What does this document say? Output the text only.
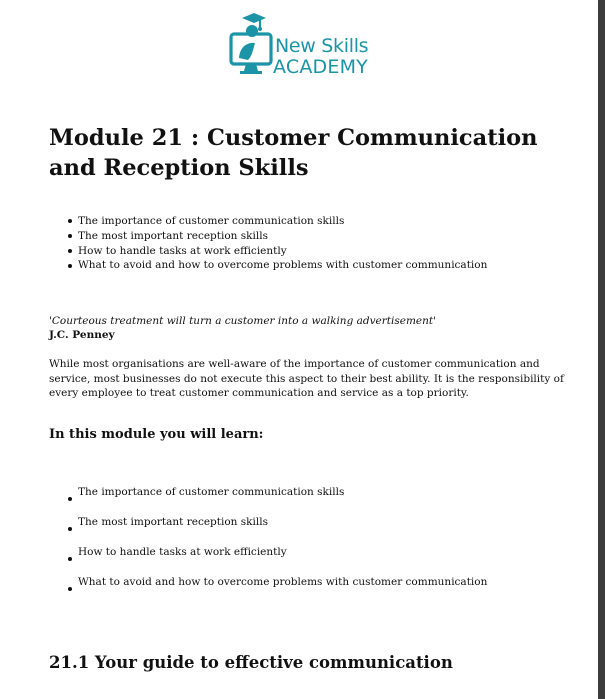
New Skills
ACADEMY
Module 21 : Customer Communication and Reception Skills
The importance of customer communication skills
The most important reception skills
How to handle tasks at work efficiently
What to avoid and how to overcome problems with customer communication
'Courteous treatment will turn a customer into a walking advertisement'
J.C. Penney

While most organisations are well-aware of the importance of customer communication and service, most businesses do not execute this aspect to their best ability. It is the responsibility of every employee to treat customer communication and service as a top priority.

In this module you will learn:
The importance of customer communication skills
The most important reception skills
How to handle tasks at work efficiently
What to avoid and how to overcome problems with customer communication
21.1 Your guide to effective communication
